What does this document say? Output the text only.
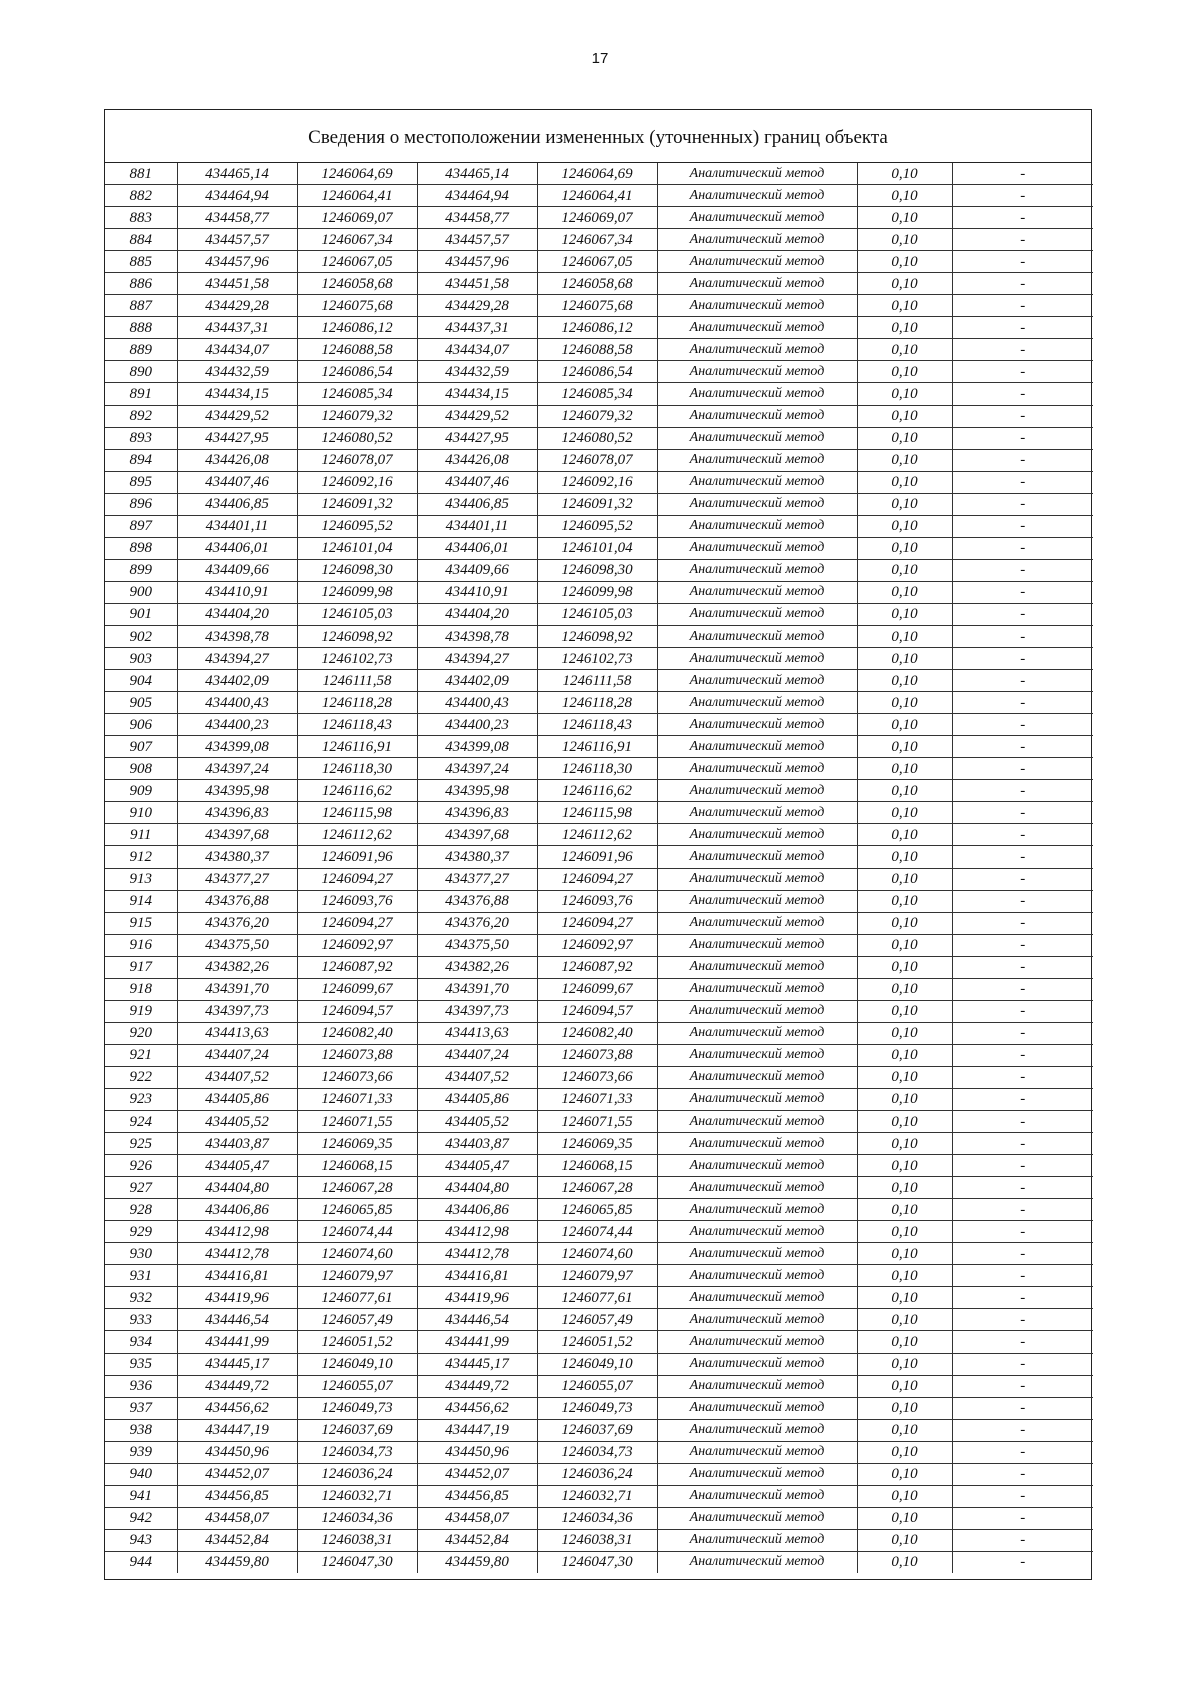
17
Сведения о местоположении измененных (уточненных) границ объекта
881	434465,14	1246064,69	434465,14	1246064,69	Аналитический метод	0,10	-
882	434464,94	1246064,41	434464,94	1246064,41	Аналитический метод	0,10	-
883	434458,77	1246069,07	434458,77	1246069,07	Аналитический метод	0,10	-
884	434457,57	1246067,34	434457,57	1246067,34	Аналитический метод	0,10	-
885	434457,96	1246067,05	434457,96	1246067,05	Аналитический метод	0,10	-
886	434451,58	1246058,68	434451,58	1246058,68	Аналитический метод	0,10	-
887	434429,28	1246075,68	434429,28	1246075,68	Аналитический метод	0,10	-
888	434437,31	1246086,12	434437,31	1246086,12	Аналитический метод	0,10	-
889	434434,07	1246088,58	434434,07	1246088,58	Аналитический метод	0,10	-
890	434432,59	1246086,54	434432,59	1246086,54	Аналитический метод	0,10	-
891	434434,15	1246085,34	434434,15	1246085,34	Аналитический метод	0,10	-
892	434429,52	1246079,32	434429,52	1246079,32	Аналитический метод	0,10	-
893	434427,95	1246080,52	434427,95	1246080,52	Аналитический метод	0,10	-
894	434426,08	1246078,07	434426,08	1246078,07	Аналитический метод	0,10	-
895	434407,46	1246092,16	434407,46	1246092,16	Аналитический метод	0,10	-
896	434406,85	1246091,32	434406,85	1246091,32	Аналитический метод	0,10	-
897	434401,11	1246095,52	434401,11	1246095,52	Аналитический метод	0,10	-
898	434406,01	1246101,04	434406,01	1246101,04	Аналитический метод	0,10	-
899	434409,66	1246098,30	434409,66	1246098,30	Аналитический метод	0,10	-
900	434410,91	1246099,98	434410,91	1246099,98	Аналитический метод	0,10	-
901	434404,20	1246105,03	434404,20	1246105,03	Аналитический метод	0,10	-
902	434398,78	1246098,92	434398,78	1246098,92	Аналитический метод	0,10	-
903	434394,27	1246102,73	434394,27	1246102,73	Аналитический метод	0,10	-
904	434402,09	1246111,58	434402,09	1246111,58	Аналитический метод	0,10	-
905	434400,43	1246118,28	434400,43	1246118,28	Аналитический метод	0,10	-
906	434400,23	1246118,43	434400,23	1246118,43	Аналитический метод	0,10	-
907	434399,08	1246116,91	434399,08	1246116,91	Аналитический метод	0,10	-
908	434397,24	1246118,30	434397,24	1246118,30	Аналитический метод	0,10	-
909	434395,98	1246116,62	434395,98	1246116,62	Аналитический метод	0,10	-
910	434396,83	1246115,98	434396,83	1246115,98	Аналитический метод	0,10	-
911	434397,68	1246112,62	434397,68	1246112,62	Аналитический метод	0,10	-
912	434380,37	1246091,96	434380,37	1246091,96	Аналитический метод	0,10	-
913	434377,27	1246094,27	434377,27	1246094,27	Аналитический метод	0,10	-
914	434376,88	1246093,76	434376,88	1246093,76	Аналитический метод	0,10	-
915	434376,20	1246094,27	434376,20	1246094,27	Аналитический метод	0,10	-
916	434375,50	1246092,97	434375,50	1246092,97	Аналитический метод	0,10	-
917	434382,26	1246087,92	434382,26	1246087,92	Аналитический метод	0,10	-
918	434391,70	1246099,67	434391,70	1246099,67	Аналитический метод	0,10	-
919	434397,73	1246094,57	434397,73	1246094,57	Аналитический метод	0,10	-
920	434413,63	1246082,40	434413,63	1246082,40	Аналитический метод	0,10	-
921	434407,24	1246073,88	434407,24	1246073,88	Аналитический метод	0,10	-
922	434407,52	1246073,66	434407,52	1246073,66	Аналитический метод	0,10	-
923	434405,86	1246071,33	434405,86	1246071,33	Аналитический метод	0,10	-
924	434405,52	1246071,55	434405,52	1246071,55	Аналитический метод	0,10	-
925	434403,87	1246069,35	434403,87	1246069,35	Аналитический метод	0,10	-
926	434405,47	1246068,15	434405,47	1246068,15	Аналитический метод	0,10	-
927	434404,80	1246067,28	434404,80	1246067,28	Аналитический метод	0,10	-
928	434406,86	1246065,85	434406,86	1246065,85	Аналитический метод	0,10	-
929	434412,98	1246074,44	434412,98	1246074,44	Аналитический метод	0,10	-
930	434412,78	1246074,60	434412,78	1246074,60	Аналитический метод	0,10	-
931	434416,81	1246079,97	434416,81	1246079,97	Аналитический метод	0,10	-
932	434419,96	1246077,61	434419,96	1246077,61	Аналитический метод	0,10	-
933	434446,54	1246057,49	434446,54	1246057,49	Аналитический метод	0,10	-
934	434441,99	1246051,52	434441,99	1246051,52	Аналитический метод	0,10	-
935	434445,17	1246049,10	434445,17	1246049,10	Аналитический метод	0,10	-
936	434449,72	1246055,07	434449,72	1246055,07	Аналитический метод	0,10	-
937	434456,62	1246049,73	434456,62	1246049,73	Аналитический метод	0,10	-
938	434447,19	1246037,69	434447,19	1246037,69	Аналитический метод	0,10	-
939	434450,96	1246034,73	434450,96	1246034,73	Аналитический метод	0,10	-
940	434452,07	1246036,24	434452,07	1246036,24	Аналитический метод	0,10	-
941	434456,85	1246032,71	434456,85	1246032,71	Аналитический метод	0,10	-
942	434458,07	1246034,36	434458,07	1246034,36	Аналитический метод	0,10	-
943	434452,84	1246038,31	434452,84	1246038,31	Аналитический метод	0,10	-
944	434459,80	1246047,30	434459,80	1246047,30	Аналитический метод	0,10	-
